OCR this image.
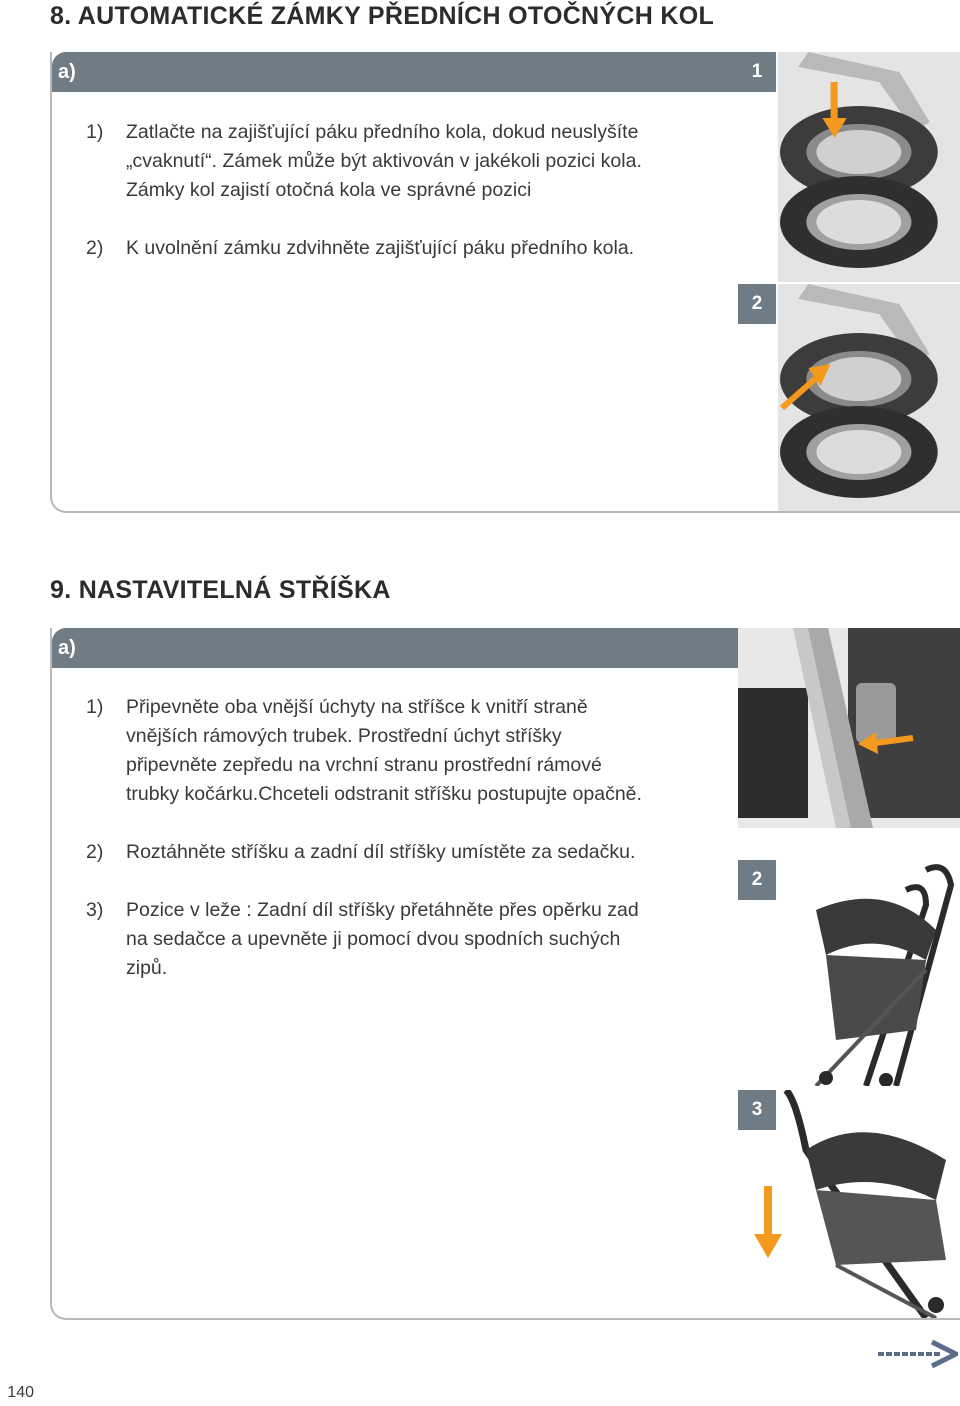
8. AUTOMATICKÉ ZÁMKY PŘEDNÍCH OTOČNÝCH KOL
a)
1)	Zatlačte na zajišťující páku předního kola, dokud neuslyšíte
„cvaknutí“. Zámek může být aktivován v jakékoli pozici kola.
Zámky kol zajistí otočná kola ve správné pozici
2)	K uvolnění zámku zdvihněte zajišťující páku předního kola.
1
2
9. NASTAVITELNÁ STŘÍŠKA
a)
1)	Připevněte oba vnější úchyty na stříšce k vnitří straně
vnějších rámových trubek. Prostřední úchyt stříšky
připevněte zepředu na vrchní stranu prostřední rámové
trubky kočárku.Chceteli odstranit stříšku postupujte opačně.
2)	Roztáhněte stříšku a zadní díl stříšky umístěte za sedačku.
3)	Pozice v leže : Zadní díl stříšky přetáhněte přes opěrku zad
na sedačce a upevněte ji pomocí dvou spodních suchých
zipů.
2
3
140
